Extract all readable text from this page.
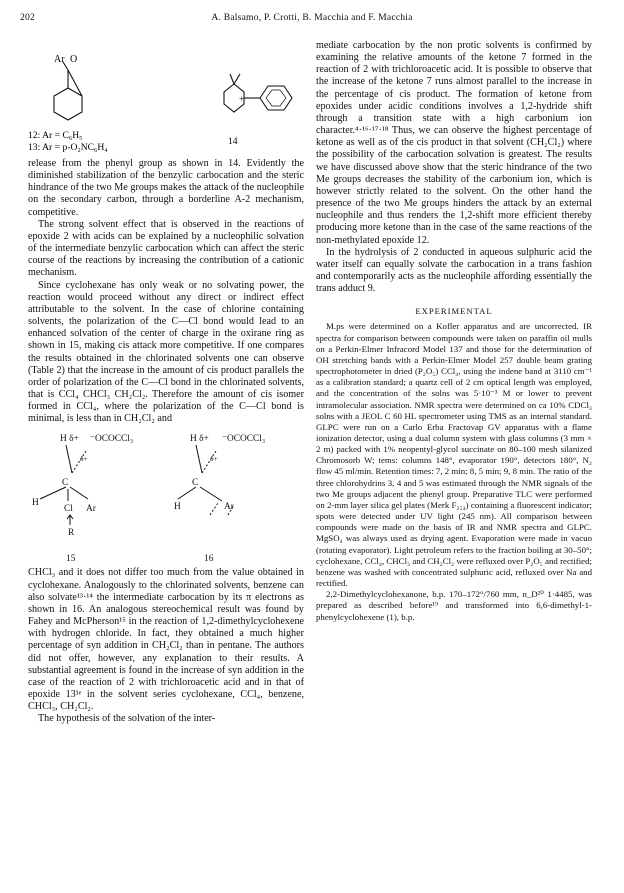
202	A. Balsamo, P. Crotti, B. Macchia and F. Macchia
Ar O
+
12: Ar = C₆H₅
13: Ar = p-O₂NC₆H₄
14

release from the phenyl group as shown in 14. Evidently the diminished stabilization of the benzylic carbocation and the steric hindrance of the two Me groups makes the attack of the nucleophile on the secondary carbon, through a borderline A-2 mechanism, competitive.

The strong solvent effect that is observed in the reactions of epoxide 2 with acids can be explained by a nucleophilic solvation of the intermediate benzylic carbocation which can affect the steric course of the reactions by increasing the contribution of a cationic mechanism.

Since cyclohexane has only weak or no solvating power, the reaction would proceed without any direct or indirect effect attributable to the solvent. In the case of chlorine containing solvents, the polarization of the C—Cl bond would lead to an enhanced solvation of the center of charge in the oxirane ring as shown in 15, making cis attack more competitive. If one compares the results obtained in the chlorinated solvents one can observe (Table 2) that the increase in the amount of cis product parallels the order of polarization of the C—Cl bond in the chlorinated solvents, that is CCl₄ CHCl₃ CH₂Cl₂. Therefore the amount of cis isomer formed in CCl₄, where the polarization of the C—Cl bond is minimal, is less than in CH₂Cl₂ and

H δ+ ⁻OCOCCl₃
δ+
C
H
Cl Ar
R
15
H δ+ ⁻OCOCCl₃
δ+
C
H	Ar
16

CHCl₃ and it does not differ too much from the value obtained in cyclohexane. Analogously to the chlorinated solvents, benzene can also solvate¹³·¹⁴ the intermediate carbocation by its π electrons as shown in 16. An analogous stereochemical result was found by Fahey and McPherson¹⁵ in the reaction of 1,2-dimethylcyclohexene with hydrogen chloride. In fact, they obtained a much higher percentage of syn addition in CH₂Cl₂ than in pentane. The authors did not offer, however, any explanation to their results. A substantial agreement is found in the increase of syn addition in the case of the reaction of 2 with trichloroacetic acid and in that of epoxide 13¹ᵉ in the solvent series cyclohexane, CCl₄, benzene, CHCl₃, CH₂Cl₂.

The hypothesis of the solvation of the inter-

mediate carbocation by the non protic solvents is confirmed by examining the relative amounts of the ketone 7 formed in the reaction of 2 with trichloroacetic acid. It is possible to observe that the increase of the ketone 7 runs almost parallel to the increase in the percentage of cis product. The formation of ketone from epoxides under acidic conditions involves a 1,2-hydride shift through a transition state with a high carbonium ion character.⁴·¹⁶·¹⁷·¹⁸ Thus, we can observe the highest percentage of ketone as well as of the cis product in that solvent (CH₂Cl₂) where the possibility of the carbocation solvation is greatest. The results we have discussed above show that the steric hindrance of the two Me groups decreases the stability of the carbonium ion, which is however strictly related to the solvent. On the other hand the presence of the two Me groups hinders the attack by an external nucleophile and thus renders the 1,2-shift more efficient thereby producing more ketone than in the case of the same reactions of the non-methylated epoxide 12.

In the hydrolysis of 2 conducted in aqueous sulphuric acid the water itself can equally solvate the carbocation in a trans fashion and contemporarily acts as the nucleophile affording essentially the trans adduct 9.

EXPERIMENTAL

M.ps were determined on a Kofler apparatus and are uncorrected. IR spectra for comparison between compounds were taken on paraffin oil mulls on a Perkin-Elmer Infracord Model 137 and those for the determination of OH stretching bands with a Perkin-Elmer Model 257 double beam grating spectrophotometer in dried (P₂O₅) CCl₄, using the indene band at 3110 cm⁻¹ as a calibration standard; a quartz cell of 2 cm optical length was employed, and the concentration of the solns was 5·10⁻³ M or lower to prevent intramolecular association. NMR spectra were determined on ca 10% CDCl₃ solns with a JEOL C 60 HL spectrometer using TMS as an internal standard. GLPC were run on a Carlo Erba Fractovap GV apparatus with a flame ionization detector, using a dual column system with glass columns (3 mm × 2 m) packed with 1% neopentyl-glycol succinate on 80–100 mesh silanized Chromosorb W; tems: columns 148°, evaporator 190°, detectors 180°, N₂ flow 45 ml/min. Retention times: 7, 2 min; 8, 5 min; 9, 8 min. The ratio of the three chlorohydrins 3, 4 and 5 was estimated through the NMR signals of the two Me groups adjacent the phenyl group. Preparative TLC were performed on 2-mm layer silica gel plates (Merk F₂₅₄) containing a fluorescent indicator; spots were detected under UV light (245 nm). All comparison between compounds were made on the basis of IR and NMR spectra and GLPC. MgSO₄ was always used as drying agent. Evaporation were made in vacuo (rotating evaporator). Light petroleum refers to the fraction boiling at 30–50°; cyclohexane, CCl₄, CHCl₃ and CH₂Cl₂ were refluxed over P₂O₅ and rectified; benzene was washed with concentrated sulphuric acid, refluxed over Na and rectified.

2,2-Dimethylcyclohexanone, b.p. 170–172°/760 mm, n_D²⁰ 1·4485, was prepared as described before¹⁹ and transformed into 6,6-dimethyl-1-phenylcyclohexene (1), b.p.
